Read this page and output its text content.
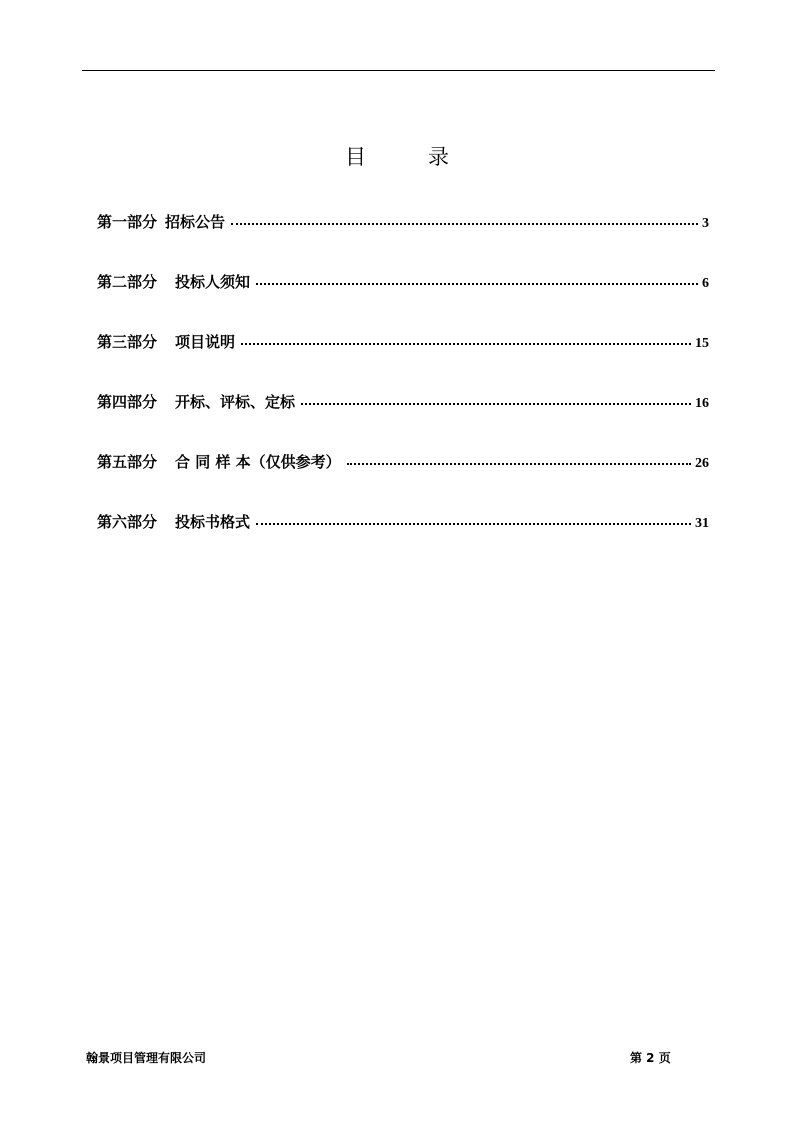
目	录
第一部分 招标公告	3
第二部分 投标人须知	6
第三部分 项目说明	15
第四部分 开标、评标、定标	16
第五部分 合 同 样 本（仅供参考）	26
第六部分 投标书格式	31
翰景项目管理有限公司	第 2 页
